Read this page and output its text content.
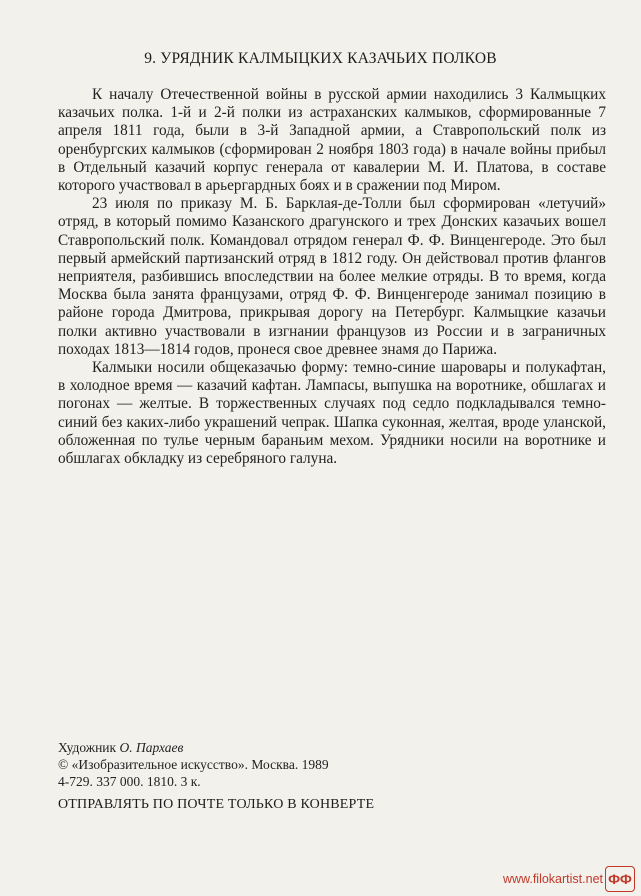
9. УРЯДНИК КАЛМЫЦКИХ КАЗАЧЬИХ ПОЛКОВ

К началу Отечественной войны в русской армии находились 3 Калмыцких казачьих полка. 1-й и 2-й полки из астраханских калмыков, сформированные 7 апреля 1811 года, были в 3-й Западной армии, а Ставропольский полк из оренбургских калмыков (сформирован 2 ноября 1803 года) в начале войны прибыл в Отдельный казачий корпус генерала от кавалерии М. И. Платова, в составе которого участвовал в арьергардных боях и в сражении под Миром.

23 июля по приказу М. Б. Барклая-де-Толли был сформирован «летучий» отряд, в который помимо Казанского драгунского и трех Донских казачьих вошел Ставропольский полк. Командовал отрядом генерал Ф. Ф. Винценгероде. Это был первый армейский партизанский отряд в 1812 году. Он действовал против флангов неприятеля, разбившись впоследствии на более мелкие отряды. В то время, когда Москва была занята французами, отряд Ф. Ф. Винценгероде занимал позицию в районе города Дмитрова, прикрывая дорогу на Петербург. Калмыцкие казачьи полки активно участвовали в изгнании французов из России и в заграничных походах 1813—1814 годов, пронеся свое древнее знамя до Парижа.

Калмыки носили общеказачью форму: темно-синие шаровары и полукафтан, в холодное время — казачий кафтан. Лампасы, выпушка на воротнике, обшлагах и погонах — желтые. В торжественных случаях под седло подкладывался темно-синий без каких-либо украшений чепрак. Шапка суконная, желтая, вроде уланской, обложенная по тулье черным бараньим мехом. Урядники носили на воротнике и обшлагах обкладку из серебряного галуна.

Художник О. Пархаев
© «Изобразительное искусство». Москва. 1989
4-729. 337 000. 1810. 3 к.
ОТПРАВЛЯТЬ ПО ПОЧТЕ ТОЛЬКО В КОНВЕРТЕ
www.filokartist.net ФФ
